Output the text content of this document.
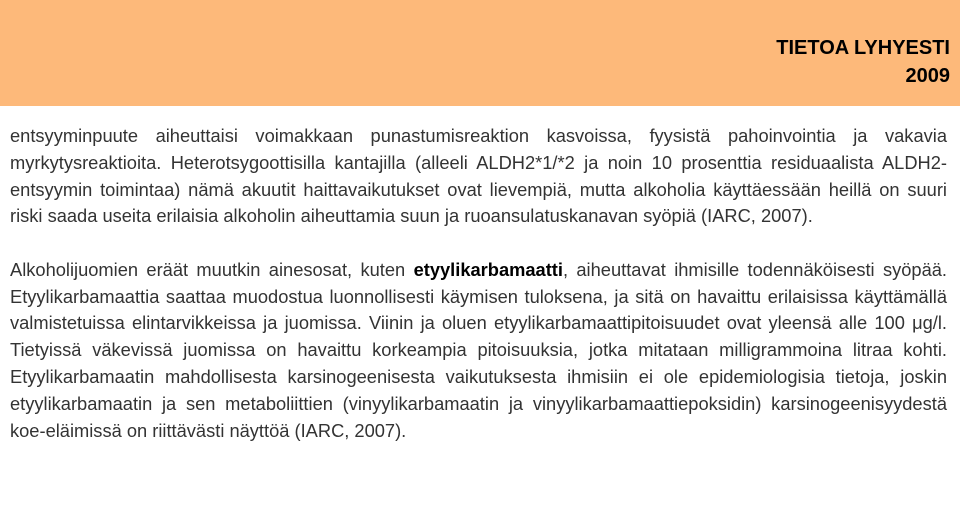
TIETOA LYHYESTI
2009

entsyyminpuute aiheuttaisi voimakkaan punastumisreaktion kasvoissa, fyysistä pahoinvointia ja vakavia myrkytysreaktioita. Heterotsygoottisilla kantajilla (alleeli ALDH2*1/*2 ja noin 10 prosenttia residuaalista ALDH2-entsyymin toimintaa) nämä akuutit haittavaikutukset ovat lievempiä, mutta alkoholia käyttäessään heillä on suuri riski saada useita erilaisia alkoholin aiheuttamia suun ja ruoansulatuskanavan syöpiä (IARC, 2007).

Alkoholijuomien eräät muutkin ainesosat, kuten etyylikarbamaatti, aiheuttavat ihmisille todennäköisesti syöpää. Etyylikarbamaattia saattaa muodostua luonnollisesti käymisen tuloksena, ja sitä on havaittu erilaisissa käyttämällä valmistetuissa elintarvikkeissa ja juomissa. Viinin ja oluen etyylikarbamaattipitoisuudet ovat yleensä alle 100 μg/l. Tietyissä väkevissä juomissa on havaittu korkeampia pitoisuuksia, jotka mitataan milligrammoina litraa kohti. Etyylikarbamaatin mahdollisesta karsinogeenisesta vaikutuksesta ihmisiin ei ole epidemiologisia tietoja, joskin etyylikarbamaatin ja sen metaboliittien (vinyylikarbamaatin ja vinyylikarbamaattiepoksidin) karsinogeenisyydestä koe-eläimissä on riittävästi näyttöä (IARC, 2007).
